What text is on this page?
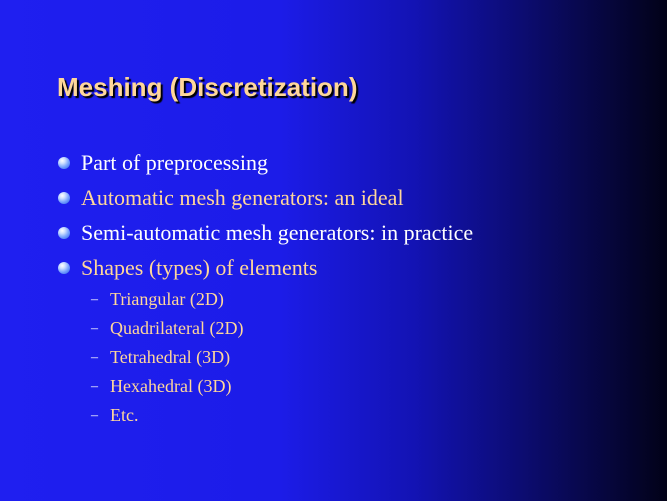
Meshing (Discretization)
Part of preprocessing
Automatic mesh generators: an ideal
Semi-automatic mesh generators: in practice
Shapes (types) of elements
– Triangular (2D)
– Quadrilateral (2D)
– Tetrahedral (3D)
– Hexahedral (3D)
– Etc.
